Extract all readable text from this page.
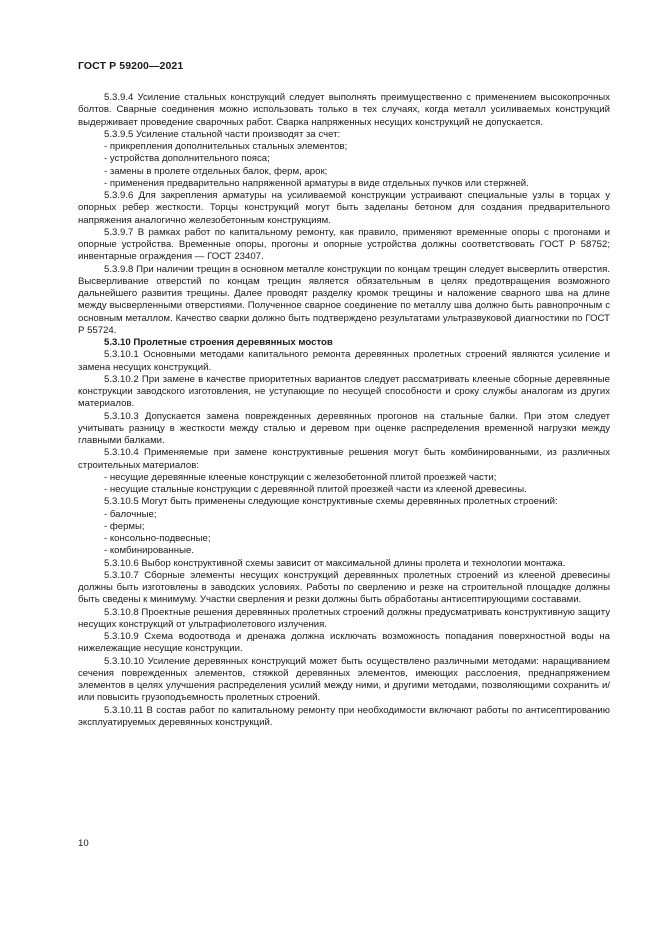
ГОСТ Р 59200—2021

5.3.9.4 Усиление стальных конструкций следует выполнять преимущественно с применением высокопрочных болтов. Сварные соединения можно использовать только в тех случаях, когда металл усиливаемых конструкций выдерживает проведение сварочных работ. Сварка напряженных несущих конструкций не допускается.

5.3.9.5 Усиление стальной части производят за счет:

- прикрепления дополнительных стальных элементов;

- устройства дополнительного пояса;

- замены в пролете отдельных балок, ферм, арок;

- применения предварительно напряженной арматуры в виде отдельных пучков или стержней.

5.3.9.6 Для закрепления арматуры на усиливаемой конструкции устраивают специальные узлы в торцах у опорных ребер жесткости. Торцы конструкций могут быть заделаны бетоном для создания предварительного напряжения аналогично железобетонным конструкциям.

5.3.9.7 В рамках работ по капитальному ремонту, как правило, применяют временные опоры с прогонами и опорные устройства. Временные опоры, прогоны и опорные устройства должны соответствовать ГОСТ Р 58752; инвентарные ограждения — ГОСТ 23407.

5.3.9.8 При наличии трещин в основном металле конструкции по концам трещин следует высверлить отверстия. Высверливание отверстий по концам трещин является обязательным в целях предотвращения возможного дальнейшего развития трещины. Далее проводят разделку кромок трещины и наложение сварного шва на длине между высверленными отверстиями. Полученное сварное соединение по металлу шва должно быть равнопрочным с основным металлом. Качество сварки должно быть подтверждено результатами ультразвуковой диагностики по ГОСТ Р 55724.

5.3.10 Пролетные строения деревянных мостов

5.3.10.1 Основными методами капитального ремонта деревянных пролетных строений являются усиление и замена несущих конструкций.

5.3.10.2 При замене в качестве приоритетных вариантов следует рассматривать клееные сборные деревянные конструкции заводского изготовления, не уступающие по несущей способности и сроку службы аналогам из других материалов.

5.3.10.3 Допускается замена поврежденных деревянных прогонов на стальные балки. При этом следует учитывать разницу в жесткости между сталью и деревом при оценке распределения временной нагрузки между главными балками.

5.3.10.4 Применяемые при замене конструктивные решения могут быть комбинированными, из различных строительных материалов:

- несущие деревянные клееные конструкции с железобетонной плитой проезжей части;

- несущие стальные конструкции с деревянной плитой проезжей части из клееной древесины.

5.3.10.5 Могут быть применены следующие конструктивные схемы деревянных пролетных строений:

- балочные;

- фермы;

- консольно-подвесные;

- комбинированные.

5.3.10.6 Выбор конструктивной схемы зависит от максимальной длины пролета и технологии монтажа.

5.3.10.7 Сборные элементы несущих конструкций деревянных пролетных строений из клееной древесины должны быть изготовлены в заводских условиях. Работы по сверлению и резке на строительной площадке должны быть сведены к минимуму. Участки сверления и резки должны быть обработаны антисептирующими составами.

5.3.10.8 Проектные решения деревянных пролетных строений должны предусматривать конструктивную защиту несущих конструкций от ультрафиолетового излучения.

5.3.10.9 Схема водоотвода и дренажа должна исключать возможность попадания поверхностной воды на нижележащие несущие конструкции.

5.3.10.10 Усиление деревянных конструкций может быть осуществлено различными методами: наращиванием сечения поврежденных элементов, стяжкой деревянных элементов, имеющих расслоения, преднапряжением элементов в целях улучшения распределения усилий между ними, и другими методами, позволяющими сохранить и/или повысить грузоподъемность пролетных строений.

5.3.10.11 В состав работ по капитальному ремонту при необходимости включают работы по антисептированию эксплуатируемых деревянных конструкций.

10
